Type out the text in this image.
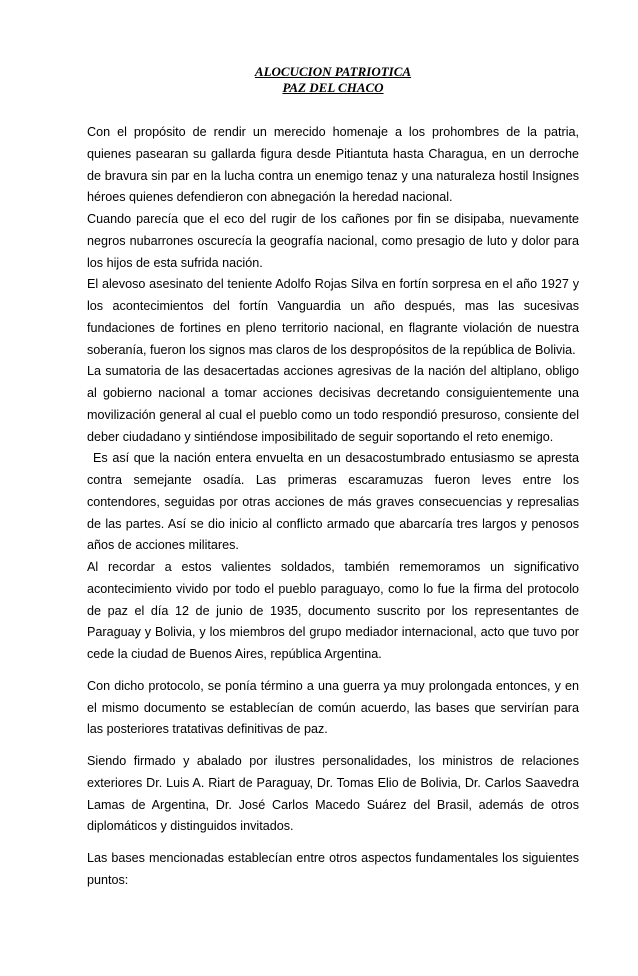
ALOCUCION PATRIOTICA
PAZ DEL CHACO

Con el propósito de rendir un merecido homenaje a los prohombres de la patria, quienes pasearan su gallarda figura desde Pitiantuta hasta Charagua, en un derroche de bravura sin par en la lucha contra un enemigo tenaz y una naturaleza hostil Insignes héroes quienes defendieron con abnegación la heredad nacional.

Cuando parecía que el eco del rugir de los cañones por fin se disipaba, nuevamente negros nubarrones oscurecía la geografía nacional, como presagio de luto y dolor para los hijos de esta sufrida nación.

El alevoso asesinato del teniente Adolfo Rojas Silva en fortín sorpresa en el año 1927 y los acontecimientos del fortín Vanguardia un año después, mas las sucesivas fundaciones de fortines en pleno territorio nacional, en flagrante violación de nuestra soberanía, fueron los signos mas claros de los despropósitos de la república de Bolivia.

La sumatoria de las desacertadas acciones agresivas de la nación del altiplano, obligo al gobierno nacional a tomar acciones decisivas decretando consiguientemente una movilización general al cual el pueblo como un todo respondió presuroso, consiente del deber ciudadano y sintiéndose imposibilitado de seguir soportando el reto enemigo.

Es así que la nación entera envuelta en un desacostumbrado entusiasmo se apresta contra semejante osadía. Las primeras escaramuzas fueron leves entre los contendores, seguidas por otras acciones de más graves consecuencias y represalias de las partes. Así se dio inicio al conflicto armado que abarcaría tres largos y penosos años de acciones militares.

Al recordar a estos valientes soldados, también rememoramos un significativo acontecimiento vivido por todo el pueblo paraguayo, como lo fue la firma del protocolo de paz el día 12 de junio de 1935, documento suscrito por los representantes de Paraguay y Bolivia, y los miembros del grupo mediador internacional, acto que tuvo por cede la ciudad de Buenos Aires, república Argentina.

Con dicho protocolo, se ponía término a una guerra ya muy prolongada entonces, y en el mismo documento se establecían de común acuerdo, las bases que servirían para las posteriores tratativas definitivas de paz.

Siendo firmado y abalado por ilustres personalidades, los ministros de relaciones exteriores Dr. Luis A. Riart de Paraguay, Dr. Tomas Elio de Bolivia, Dr. Carlos Saavedra Lamas de Argentina, Dr. José Carlos Macedo Suárez del Brasil, además de otros diplomáticos y distinguidos invitados.

Las bases mencionadas establecían entre otros aspectos fundamentales los siguientes puntos:
